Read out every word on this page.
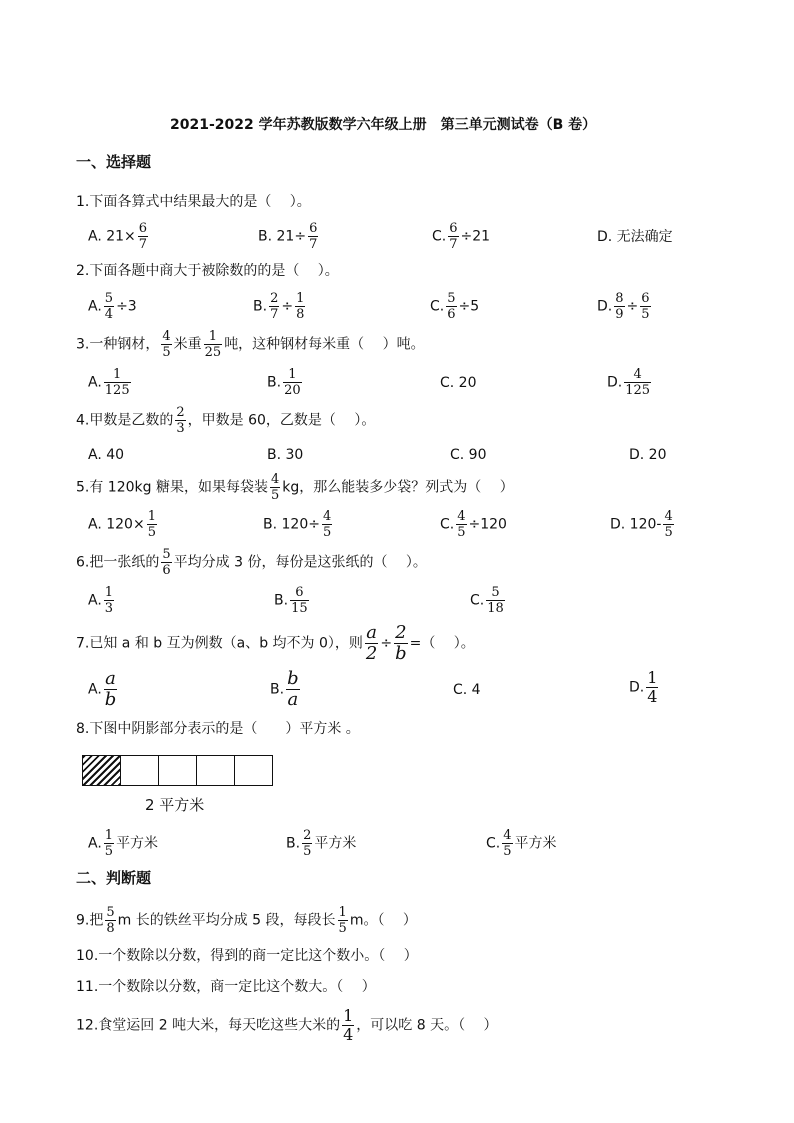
2021-2022 学年苏教版数学六年级上册　第三单元测试卷（B 卷）
一、选择题
1.下面各算式中结果最大的是（　 ）。
A. $21\times \frac{6}{7}$	B. $21\div \frac{6}{7}$	C. $\frac{6}{7} \div 21$	D. 无法确定
2.下面各题中商大于被除数的的是（　 ）。
A. $\frac{5}{4} \div 3$	B. $\frac{2}{7} \div \frac{1}{8}$	C. $\frac{5}{6} \div 5$	D. $\frac{8}{9} \div \frac{6}{5}$
3.一种钢材， $\frac{4}{5}$ 米重 $\frac{1}{25}$ 吨，这种钢材每米重（　 ）吨。
A. $\frac{1}{125}$	B. $\frac{1}{20}$	C. 20	D. $\frac{4}{125}$
4.甲数是乙数的 $\frac{2}{3}$ ，甲数是 60，乙数是（　 ）。
A. 40	B. 30	C. 90	D. 20
5.有 120kg 糖果，如果每袋装 $\frac{4}{5}$ kg，那么能装多少袋？列式为（　 ）
A. $120\times \frac{1}{5}$	B. $120\div \frac{4}{5}$	C. $\frac{4}{5} \div 120$	D. $120- \frac{4}{5}$
6.把一张纸的 $\frac{5}{6}$ 平均分成 3 份，每份是这张纸的（　 ）。
A. $\frac{1}{3}$	B. $\frac{6}{15}$	C. $\frac{5}{18}$
7.已知 a 和 b 互为例数（a、b 均不为 0），则 $\frac{a}{2} \div \frac{2}{b}$ =（　 ）。
A. $\frac{a}{b}$	B. $\frac{b}{a}$	C. 4	D. $\frac{1}{4}$
8.下图中阴影部分表示的是（　　）平方米 。
2 平方米
A. $\frac{1}{5}$ 平方米	B. $\frac{2}{5}$ 平方米	C. $\frac{4}{5}$ 平方米
二、判断题
9.把 $\frac{5}{8}$ m 长的铁丝平均分成 5 段，每段长 $\frac{1}{5}$ m。（　 ）
10.一个数除以分数，得到的商一定比这个数小。（　 ）
11.一个数除以分数，商一定比这个数大。（　 ）
12.食堂运回 2 吨大米，每天吃这些大米的 $\frac{1}{4}$ ，可以吃 8 天。（　 ）
